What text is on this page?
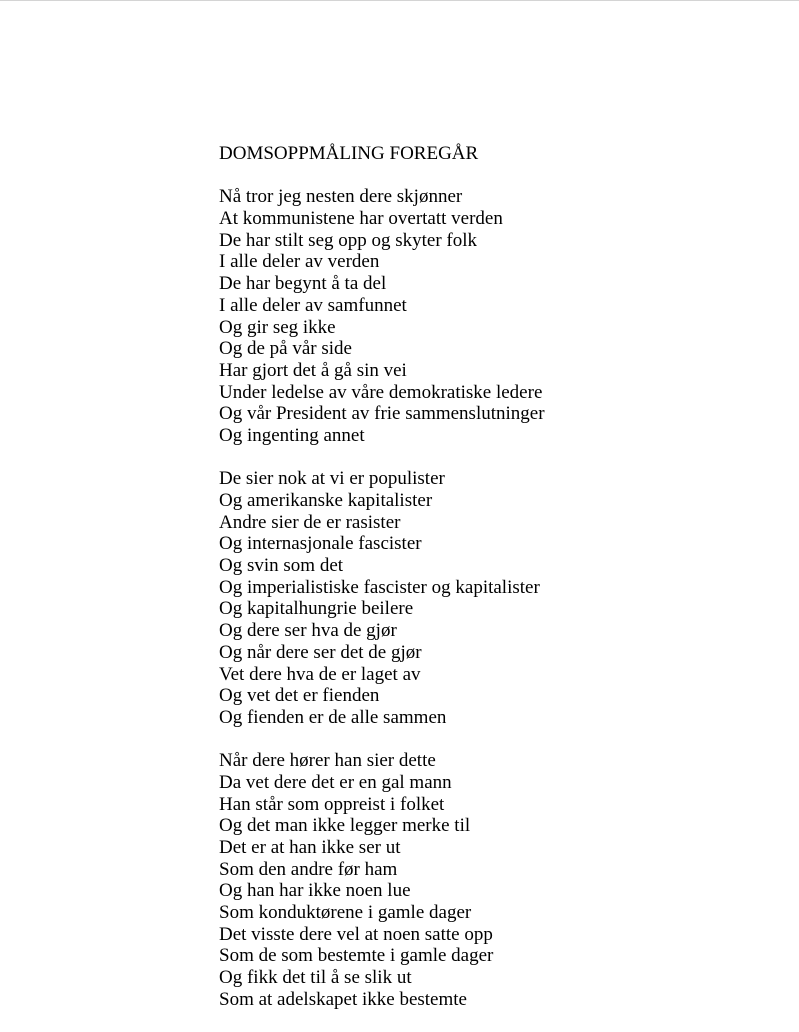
DOMSOPPMÅLING FOREGÅR
Nå tror jeg nesten dere skjønner
At kommunistene har overtatt verden
De har stilt seg opp og skyter folk
I alle deler av verden
De har begynt å ta del
I alle deler av samfunnet
Og gir seg ikke
Og de på vår side
Har gjort det å gå sin vei
Under ledelse av våre demokratiske ledere
Og vår President av frie sammenslutninger
Og ingenting annet
De sier nok at vi er populister
Og amerikanske kapitalister
Andre sier de er rasister
Og internasjonale fascister
Og svin som det
Og imperialistiske fascister og kapitalister
Og kapitalhungrie beilere
Og dere ser hva de gjør
Og når dere ser det de gjør
Vet dere hva de er laget av
Og vet det er fienden
Og fienden er de alle sammen
Når dere hører han sier dette
Da vet dere det er en gal mann
Han står som oppreist i folket
Og det man ikke legger merke til
Det er at han ikke ser ut
Som den andre før ham
Og han har ikke noen lue
Som konduktørene i gamle dager
Det visste dere vel at noen satte opp
Som de som bestemte i gamle dager
Og fikk det til å se slik ut
Som at adelskapet ikke bestemte
